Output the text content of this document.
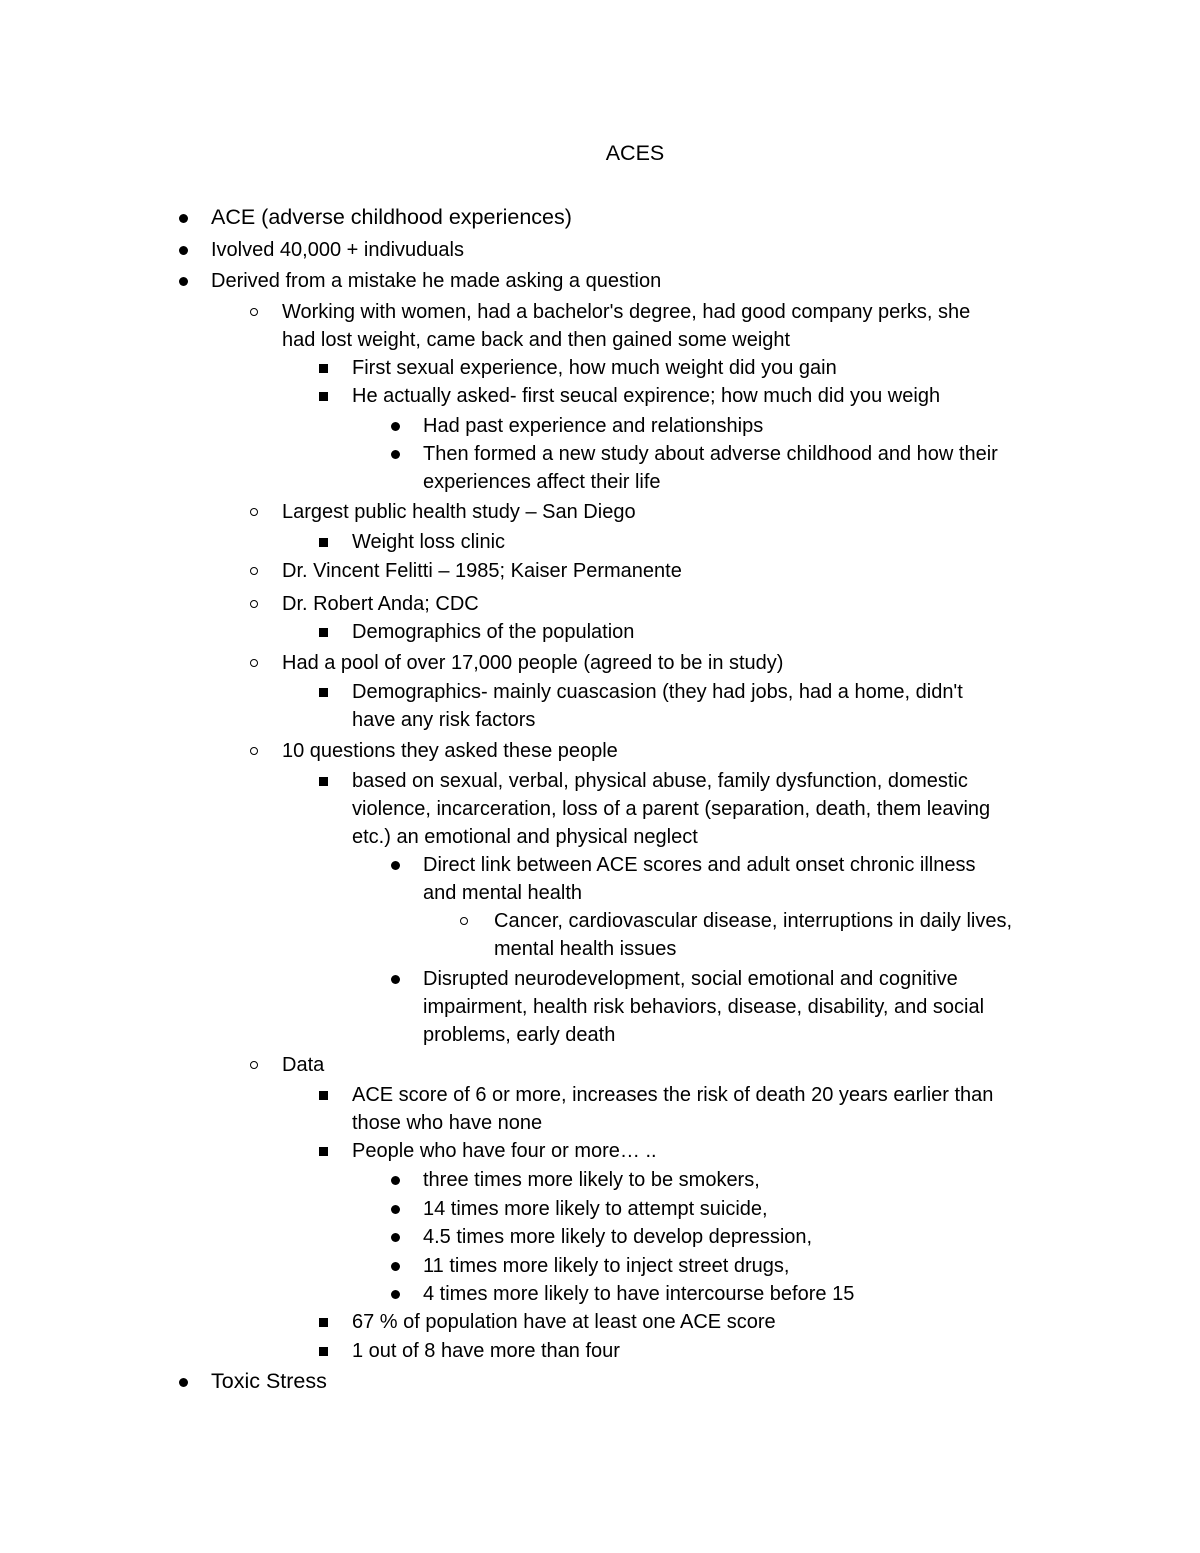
ACES
ACE (adverse childhood experiences)
Ivolved 40,000 + indivuduals
Derived from a mistake he made asking a question
Working with women, had a bachelor's degree, had good company perks, she
had lost weight, came back and then gained some weight
First sexual experience, how much weight did you gain
He actually asked- first seucal expirence; how much did you weigh
Had past experience and relationships
Then formed a new study about adverse childhood and how their
experiences affect their life
Largest public health study – San Diego
Weight loss clinic
Dr. Vincent Felitti – 1985; Kaiser Permanente
Dr. Robert Anda; CDC
Demographics of the population
Had a pool of over 17,000 people (agreed to be in study)
Demographics- mainly cuascasion (they had jobs, had a home, didn't
have any risk factors
10 questions they asked these people
based on sexual, verbal, physical abuse, family dysfunction, domestic
violence, incarceration, loss of a parent (separation, death, them leaving
etc.) an emotional and physical neglect
Direct link between ACE scores and adult onset chronic illness
and mental health
Cancer, cardiovascular disease, interruptions in daily lives,
mental health issues
Disrupted neurodevelopment, social emotional and cognitive
impairment, health risk behaviors, disease, disability, and social
problems, early death
Data
ACE score of 6 or more, increases the risk of death 20 years earlier than
those who have none
People who have four or more… ..
three times more likely to be smokers,
14 times more likely to attempt suicide,
4.5 times more likely to develop depression,
11 times more likely to inject street drugs,
4 times more likely to have intercourse before 15
67 % of population have at least one ACE score
1 out of 8 have more than four
Toxic Stress
